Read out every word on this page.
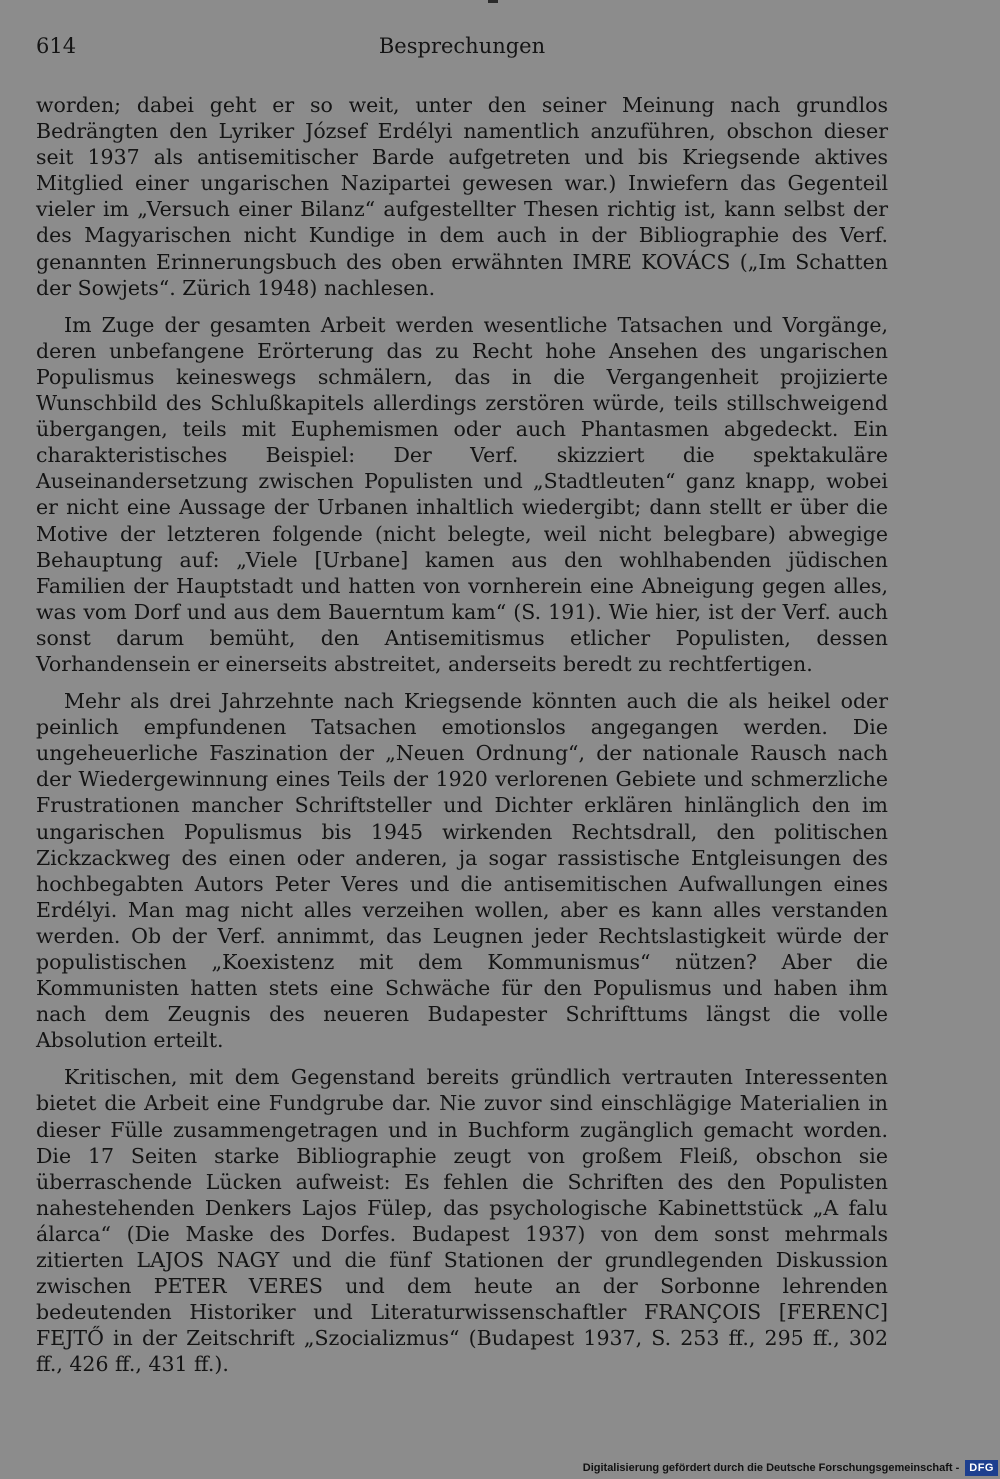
614	Besprechungen

worden; dabei geht er so weit, unter den seiner Meinung nach grundlos Bedrängten den Lyriker József Erdélyi namentlich anzuführen, obschon dieser seit 1937 als antisemitischer Barde aufgetreten und bis Kriegsende aktives Mitglied einer ungarischen Nazipartei gewesen war.) Inwiefern das Gegenteil vieler im „Versuch einer Bilanz“ aufgestellter Thesen richtig ist, kann selbst der des Magyarischen nicht Kundige in dem auch in der Bibliographie des Verf. genannten Erinnerungsbuch des oben erwähnten IMRE KOVÁCS („Im Schatten der Sowjets“. Zürich 1948) nachlesen.

Im Zuge der gesamten Arbeit werden wesentliche Tatsachen und Vorgänge, deren unbefangene Erörterung das zu Recht hohe Ansehen des ungarischen Populismus keineswegs schmälern, das in die Vergangenheit projizierte Wunschbild des Schlußkapitels allerdings zerstören würde, teils stillschweigend übergangen, teils mit Euphemismen oder auch Phantasmen abgedeckt. Ein charakteristisches Beispiel: Der Verf. skizziert die spektakuläre Auseinandersetzung zwischen Populisten und „Stadtleuten“ ganz knapp, wobei er nicht eine Aussage der Urbanen inhaltlich wiedergibt; dann stellt er über die Motive der letzteren folgende (nicht belegte, weil nicht belegbare) abwegige Behauptung auf: „Viele [Urbane] kamen aus den wohlhabenden jüdischen Familien der Hauptstadt und hatten von vornherein eine Abneigung gegen alles, was vom Dorf und aus dem Bauerntum kam“ (S. 191). Wie hier, ist der Verf. auch sonst darum bemüht, den Antisemitismus etlicher Populisten, dessen Vorhandensein er einerseits abstreitet, anderseits beredt zu rechtfertigen.

Mehr als drei Jahrzehnte nach Kriegsende könnten auch die als heikel oder peinlich empfundenen Tatsachen emotionslos angegangen werden. Die ungeheuerliche Faszination der „Neuen Ordnung“, der nationale Rausch nach der Wiedergewinnung eines Teils der 1920 verlorenen Gebiete und schmerzliche Frustrationen mancher Schriftsteller und Dichter erklären hinlänglich den im ungarischen Populismus bis 1945 wirkenden Rechtsdrall, den politischen Zickzackweg des einen oder anderen, ja sogar rassistische Entgleisungen des hochbegabten Autors Peter Veres und die antisemitischen Aufwallungen eines Erdélyi. Man mag nicht alles verzeihen wollen, aber es kann alles verstanden werden. Ob der Verf. annimmt, das Leugnen jeder Rechtslastigkeit würde der populistischen „Koexistenz mit dem Kommunismus“ nützen? Aber die Kommunisten hatten stets eine Schwäche für den Populismus und haben ihm nach dem Zeugnis des neueren Budapester Schrifttums längst die volle Absolution erteilt.

Kritischen, mit dem Gegenstand bereits gründlich vertrauten Interessenten bietet die Arbeit eine Fundgrube dar. Nie zuvor sind einschlägige Materialien in dieser Fülle zusammengetragen und in Buchform zugänglich gemacht worden. Die 17 Seiten starke Bibliographie zeugt von großem Fleiß, obschon sie überraschende Lücken aufweist: Es fehlen die Schriften des den Populisten nahestehenden Denkers Lajos Fülep, das psychologische Kabinettstück „A falu álarca“ (Die Maske des Dorfes. Budapest 1937) von dem sonst mehrmals zitierten LAJOS NAGY und die fünf Stationen der grundlegenden Diskussion zwischen PETER VERES und dem heute an der Sorbonne lehrenden bedeutenden Historiker und Literaturwissenschaftler FRANÇOIS [FERENC] FEJTŐ in der Zeitschrift „Szocializmus“ (Budapest 1937, S. 253 ff., 295 ff., 302 ff., 426 ff., 431 ff.).

Digitalisierung gefördert durch die Deutsche Forschungsgemeinschaft - DFG
